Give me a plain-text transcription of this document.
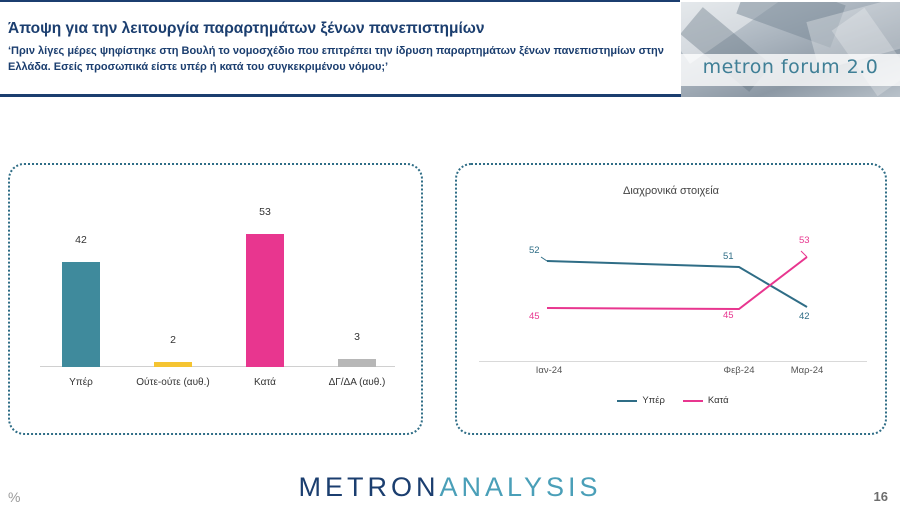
Άποψη για την λειτουργία παραρτημάτων ξένων πανεπιστημίων
‘Πριν λίγες μέρες ψηφίστηκε στη Βουλή το νομοσχέδιο που επιτρέπει την ίδρυση παραρτημάτων ξένων πανεπιστημίων στην Ελλάδα. Εσείς προσωπικά είστε υπέρ ή κατά του συγκεκριμένου νόμου;’	metron forum 2.0
42
Υπέρ
2
Ούτε-ούτε (αυθ.)
53
Κατά
3
ΔΓ/ΔΑ (αυθ.)
Διαχρονικά στοιχεία
52
51
42
45	45
53
Ιαν-24	Φεβ-24	Μαρ-24
Υπέρ	Κατά
METRONANALYSIS
%	16
